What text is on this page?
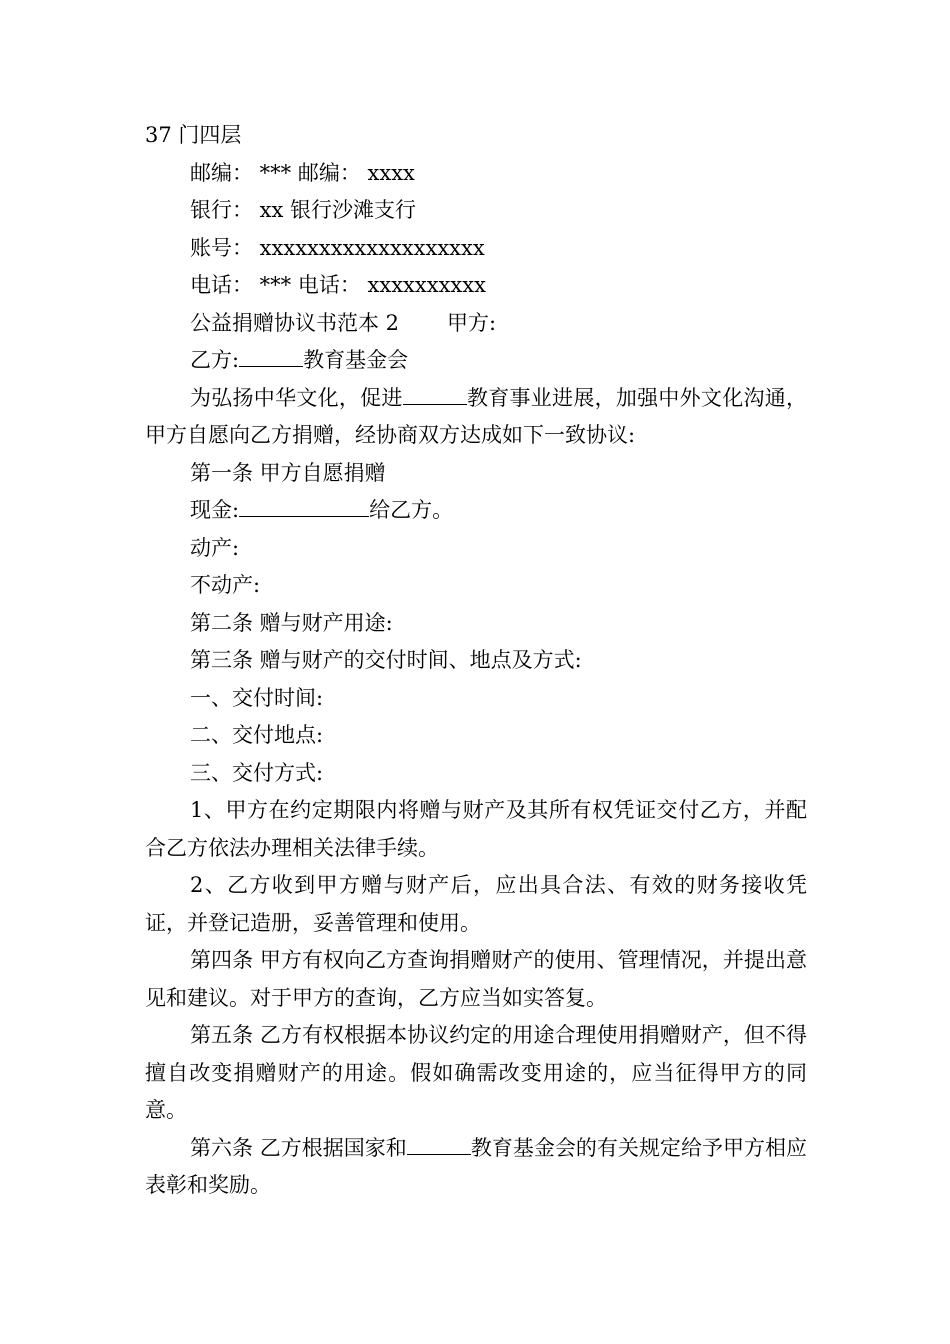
37 门四层

邮编： *** 邮编： xxxx

银行： xx 银行沙滩支行

账号： xxxxxxxxxxxxxxxxxxx

电话： *** 电话： xxxxxxxxxx

公益捐赠协议书范本 2 甲方:

乙方:	教育基金会

为弘扬中华文化，促进	教育事业进展，加强中外文化沟通，甲方自愿向乙方捐赠，经协商双方达成如下一致协议:

第一条 甲方自愿捐赠

现金:	给乙方。

动产:

不动产:

第二条 赠与财产用途:

第三条 赠与财产的交付时间、地点及方式:

一、交付时间:

二、交付地点:

三、交付方式:

1、甲方在约定期限内将赠与财产及其所有权凭证交付乙方，并配合乙方依法办理相关法律手续。

2、乙方收到甲方赠与财产后，应出具合法、有效的财务接收凭证，并登记造册，妥善管理和使用。

第四条 甲方有权向乙方查询捐赠财产的使用、管理情况，并提出意见和建议。对于甲方的查询，乙方应当如实答复。

第五条 乙方有权根据本协议约定的用途合理使用捐赠财产，但不得擅自改变捐赠财产的用途。假如确需改变用途的，应当征得甲方的同意。

第六条 乙方根据国家和	教育基金会的有关规定给予甲方相应表彰和奖励。
